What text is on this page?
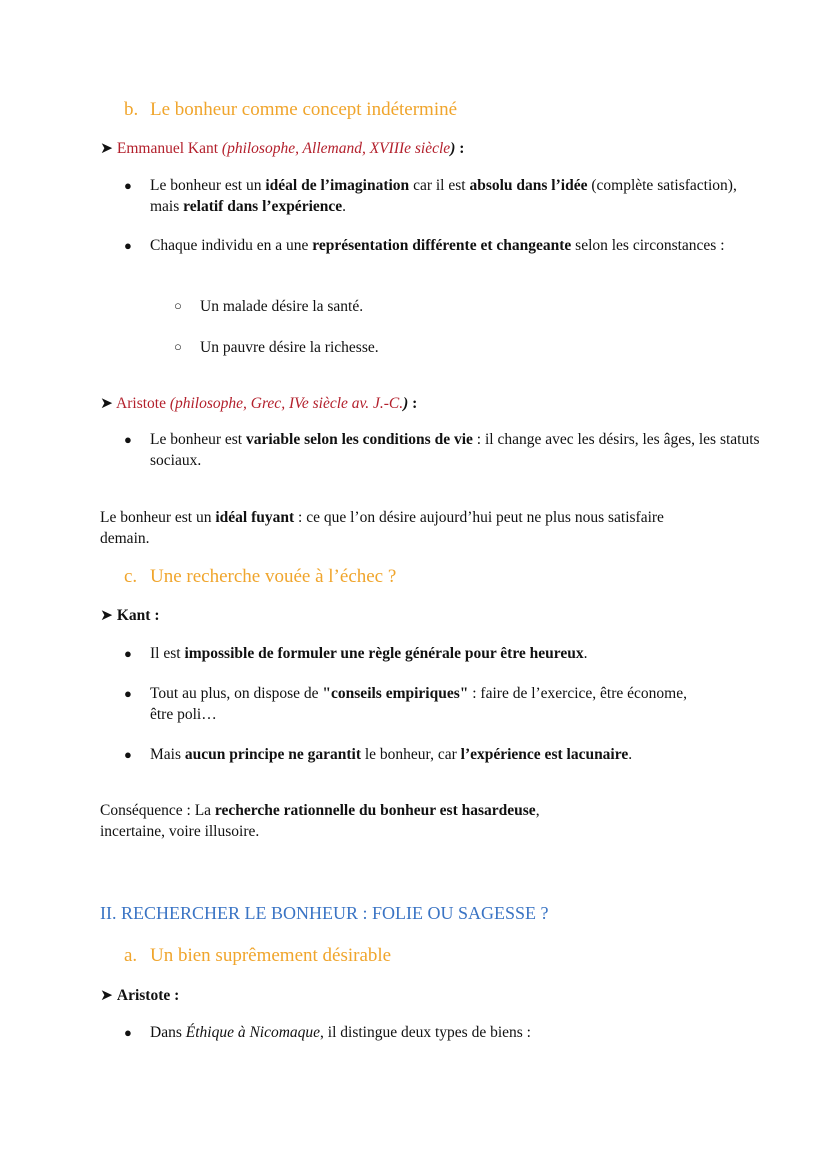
b. Le bonheur comme concept indéterminé
➤ Emmanuel Kant (philosophe, Allemand, XVIIIe siècle) :
● Le bonheur est un idéal de l’imagination car il est absolu dans l’idée (complète satisfaction), mais relatif dans l’expérience.
● Chaque individu en a une représentation différente et changeante selon les circonstances :
○ Un malade désire la santé.
○ Un pauvre désire la richesse.
➤ Aristote (philosophe, Grec, IVe siècle av. J.-C.) :
● Le bonheur est variable selon les conditions de vie : il change avec les désirs, les âges, les statuts sociaux.
Le bonheur est un idéal fuyant : ce que l’on désire aujourd’hui peut ne plus nous satisfaire demain.
c. Une recherche vouée à l’échec ?
➤ Kant :
● Il est impossible de formuler une règle générale pour être heureux.
● Tout au plus, on dispose de "conseils empiriques" : faire de l’exercice, être économe, être poli…
● Mais aucun principe ne garantit le bonheur, car l’expérience est lacunaire.
Conséquence : La recherche rationnelle du bonheur est hasardeuse,
incertaine, voire illusoire.
II. RECHERCHER LE BONHEUR : FOLIE OU SAGESSE ?
a. Un bien suprêmement désirable
➤ Aristote :
● Dans Éthique à Nicomaque, il distingue deux types de biens :
